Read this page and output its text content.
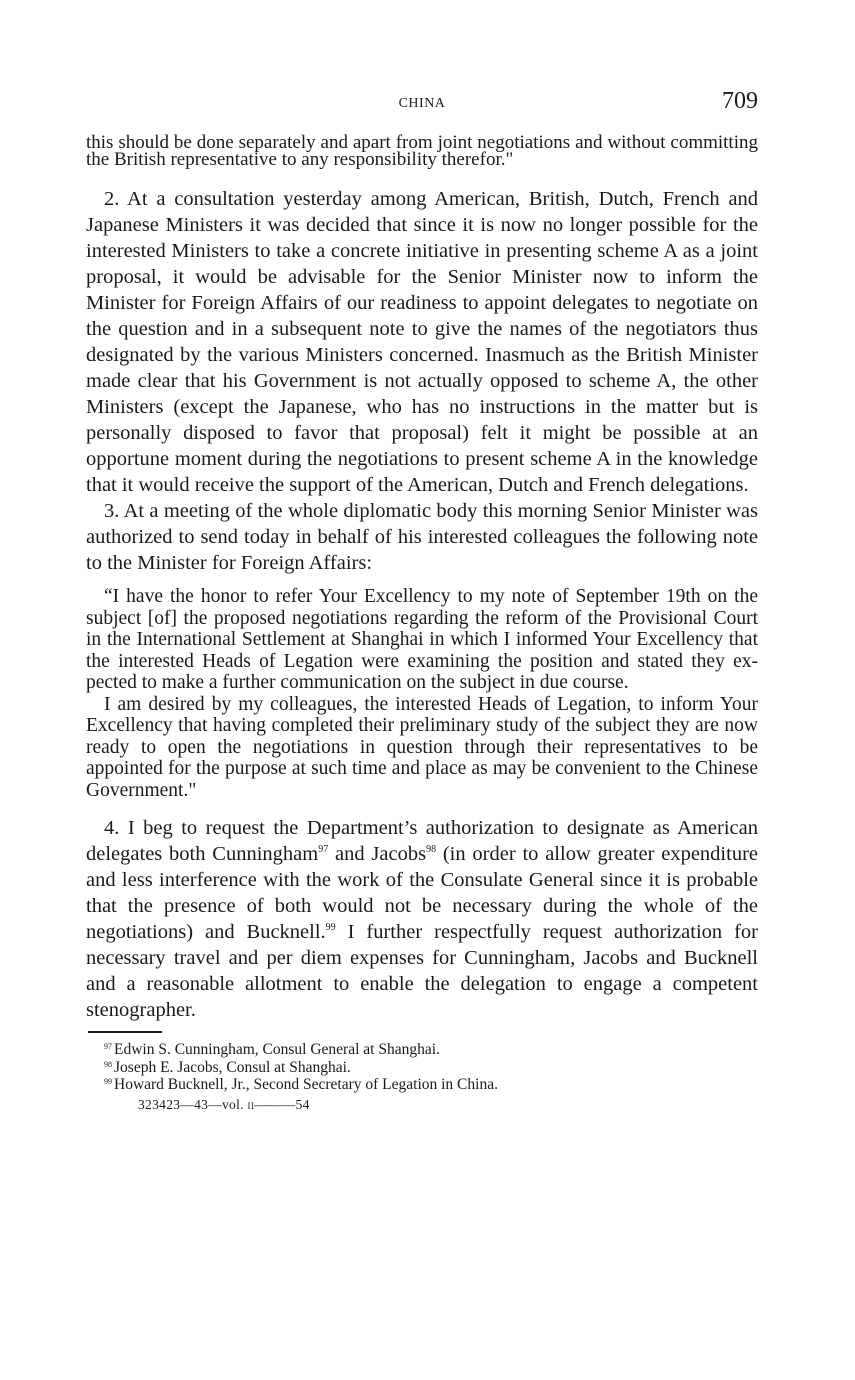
CHINA	709

this should be done separately and apart from joint negotiations and without committing the British representative to any responsibility therefor."

2. At a consultation yesterday among American, British, Dutch, French and Japanese Ministers it was decided that since it is now no longer possible for the interested Ministers to take a concrete initiative in presenting scheme A as a joint proposal, it would be advisable for the Senior Minister now to inform the Minister for Foreign Affairs of our readiness to appoint delegates to negotiate on the question and in a subsequent note to give the names of the negotiators thus designated by the various Ministers concerned. Inasmuch as the British Minister made clear that his Government is not actually opposed to scheme A, the other Ministers (except the Japanese, who has no instructions in the matter but is personally disposed to favor that proposal) felt it might be possible at an opportune moment during the negotiations to present scheme A in the knowledge that it would receive the support of the American, Dutch and French delegations.

3. At a meeting of the whole diplomatic body this morning Senior Minister was authorized to send today in behalf of his interested colleagues the following note to the Minister for Foreign Affairs:

“I have the honor to refer Your Excellency to my note of September 19th on the subject [of] the proposed negotiations regarding the reform of the Provisional Court in the International Settlement at Shanghai in which I informed Your Excellency that the interested Heads of Legation were examining the position and stated they expected to make a further communication on the subject in due course.

I am desired by my colleagues, the interested Heads of Legation, to inform Your Excellency that having completed their preliminary study of the subject they are now ready to open the negotiations in question through their representatives to be appointed for the purpose at such time and place as may be convenient to the Chinese Government."

4. I beg to request the Department’s authorization to designate as American delegates both Cunningham$^{97}$ and Jacobs$^{98}$ (in order to allow greater expenditure and less interference with the work of the Consulate General since it is probable that the presence of both would not be necessary during the whole of the negotiations) and Bucknell.$^{99}$ I further respectfully request authorization for necessary travel and per diem expenses for Cunningham, Jacobs and Bucknell and a reasonable allotment to enable the delegation to engage a competent stenographer.

$^{97}$ Edwin S. Cunningham, Consul General at Shanghai.
$^{98}$ Joseph E. Jacobs, Consul at Shanghai.
$^{99}$ Howard Bucknell, Jr., Second Secretary of Legation in China.
323423—43—vol. ii———54
